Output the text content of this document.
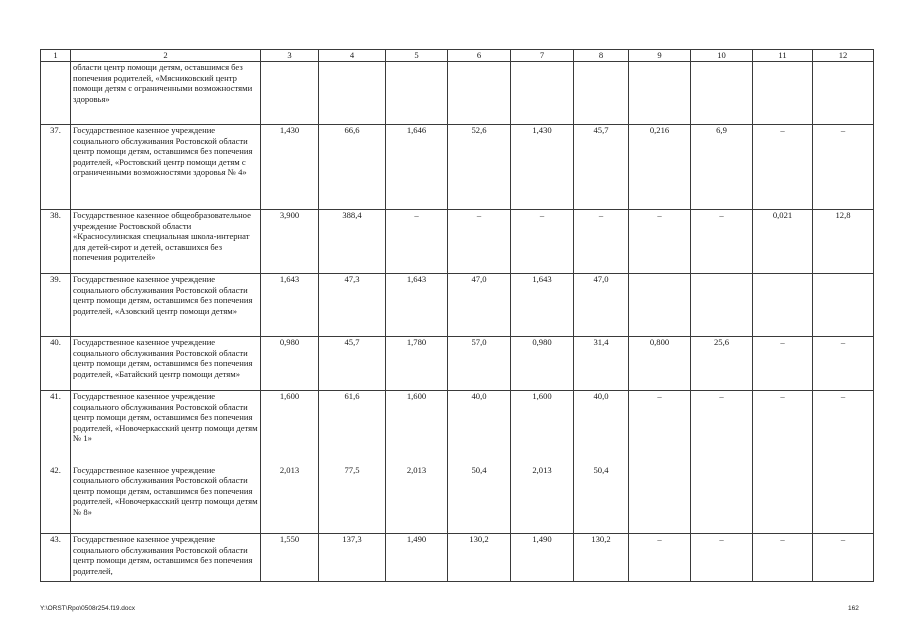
1	2	3	4	5	6	7	8	9	10	11	12
	области центр помощи детям, оставшимся без попечения родителей, «Мясниковский центр помощи детям с ограниченными возможностями здоровья»										
37.	Государственное казенное учреждение социального обслуживания Ростовской области центр помощи детям, оставшимся без попечения родителей, «Ростовский центр помощи детям с ограниченными возможностями здоровья № 4»	1,430	66,6	1,646	52,6	1,430	45,7	0,216	6,9	–	–
38.	Государственное казенное общеобразовательное учреждение Ростовской области «Красносулинская специальная школа-интернат для детей-сирот и детей, оставшихся без попечения родителей»	3,900	388,4	–	–	–	–	–	–	0,021	12,8
39.	Государственное казенное учреждение социального обслуживания Ростовской области центр помощи детям, оставшимся без попечения родителей, «Азовский центр помощи детям»	1,643	47,3	1,643	47,0	1,643	47,0				
40.	Государственное казенное учреждение социального обслуживания Ростовской области центр помощи детям, оставшимся без попечения родителей, «Батайский центр помощи детям»	0,980	45,7	1,780	57,0	0,980	31,4	0,800	25,6	–	–
41.	Государственное казенное учреждение социального обслуживания Ростовской области центр помощи детям, оставшимся без попечения родителей, «Новочеркасский центр помощи детям № 1»	1,600	61,6	1,600	40,0	1,600	40,0	–	–	–	–
42.	Государственное казенное учреждение социального обслуживания Ростовской области центр помощи детям, оставшимся без попечения родителей, «Новочеркасский центр помощи детям № 8»	2,013	77,5	2,013	50,4	2,013	50,4				
43.	Государственное казенное учреждение социального обслуживания Ростовской области центр помощи детям, оставшимся без попечения родителей,	1,550	137,3	1,490	130,2	1,490	130,2	–	–	–	–
Y:\ORST\Rpo\0508r254.f19.docx	162
